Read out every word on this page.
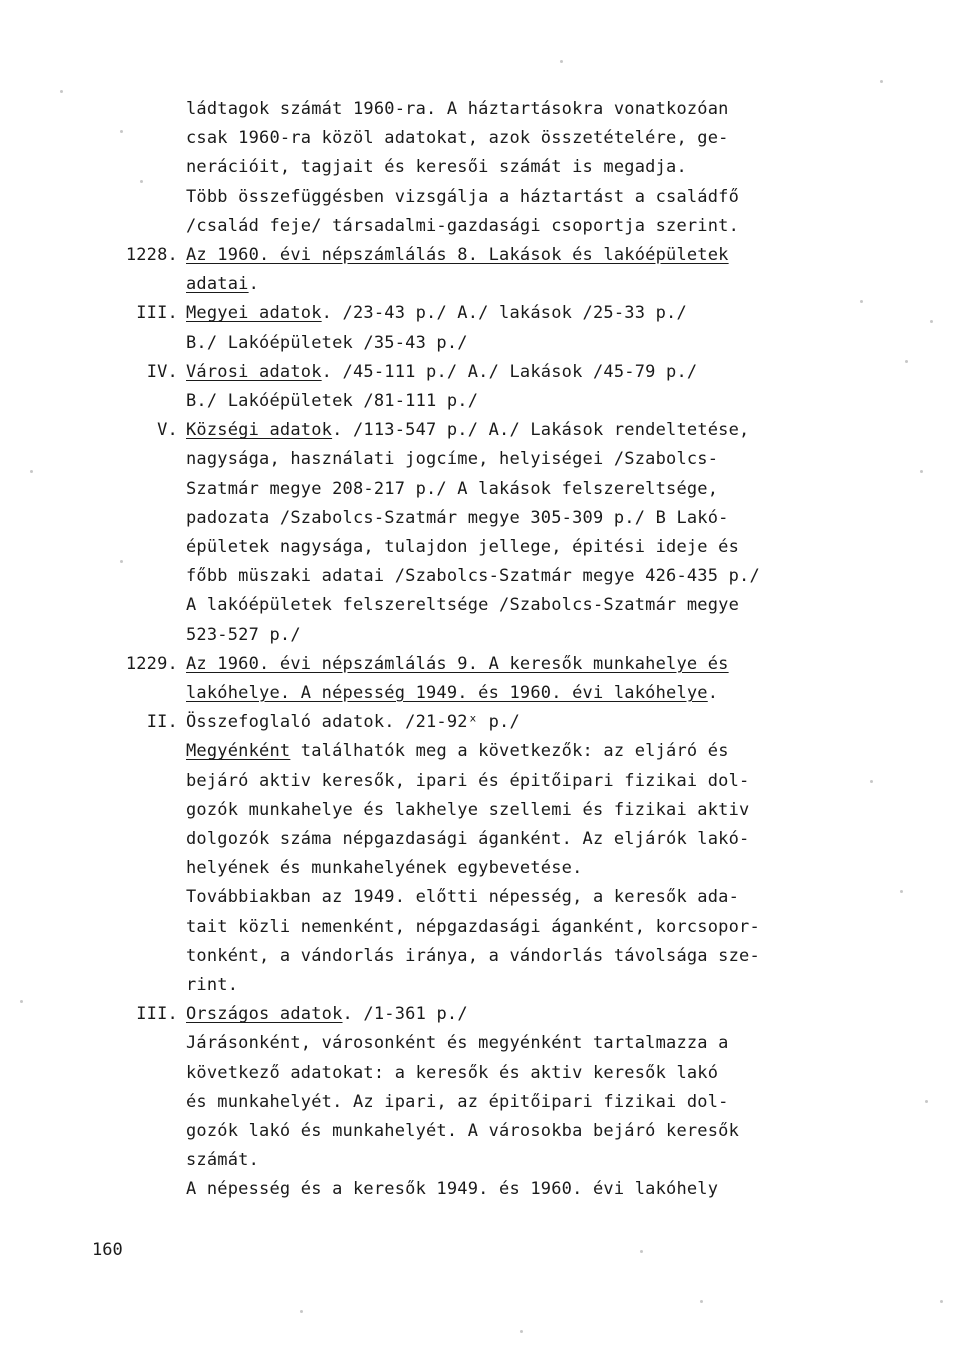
ládtagok számát 1960-ra. A háztartásokra vonatkozóan
csak 1960-ra közöl adatokat, azok összetételére, ge-
nerációit, tagjait és keresői számát is megadja.
Több összefüggésben vizsgálja a háztartást a családfő
/család feje/ társadalmi-gazdasági csoportja szerint.
1228. Az 1960. évi népszámlálás 8. Lakások és lakóépületek
adatai.
III. Megyei adatok. /23-43 p./ A./ lakások /25-33 p./
B./ Lakóépületek /35-43 p./
IV. Városi adatok. /45-111 p./ A./ Lakások /45-79 p./
B./ Lakóépületek /81-111 p./
V. Községi adatok. /113-547 p./ A./ Lakások rendeltetése,
nagysága, használati jogcíme, helyiségei /Szabolcs-
Szatmár megye 208-217 p./ A lakások felszereltsége,
padozata /Szabolcs-Szatmár megye 305-309 p./ B Lakó-
épületek nagysága, tulajdon jellege, épitési ideje és
főbb müszaki adatai /Szabolcs-Szatmár megye 426-435 p./
A lakóépületek felszereltsége /Szabolcs-Szatmár megye
523-527 p./
1229. Az 1960. évi népszámlálás 9. A keresők munkahelye és
lakóhelye. A népesség 1949. és 1960. évi lakóhelye.
II. Összefoglaló adatok. /21-92ˣ p./
Megyénként találhatók meg a következők: az eljáró és
bejáró aktiv keresők, ipari és épitőipari fizikai dol-
gozók munkahelye és lakhelye szellemi és fizikai aktiv
dolgozók száma népgazdasági áganként. Az eljárók lakó-
helyének és munkahelyének egybevetése.
Továbbiakban az 1949. előtti népesség, a keresők ada-
tait közli nemenként, népgazdasági áganként, korcsopor-
tonként, a vándorlás iránya, a vándorlás távolsága sze-
rint.
III. Országos adatok. /1-361 p./
Járásonként, városonként és megyénként tartalmazza a
következő adatokat: a keresők és aktiv keresők lakó
és munkahelyét. Az ipari, az épitőipari fizikai dol-
gozók lakó és munkahelyét. A városokba bejáró keresők
számát.
A népesség és a keresők 1949. és 1960. évi lakóhely
160
